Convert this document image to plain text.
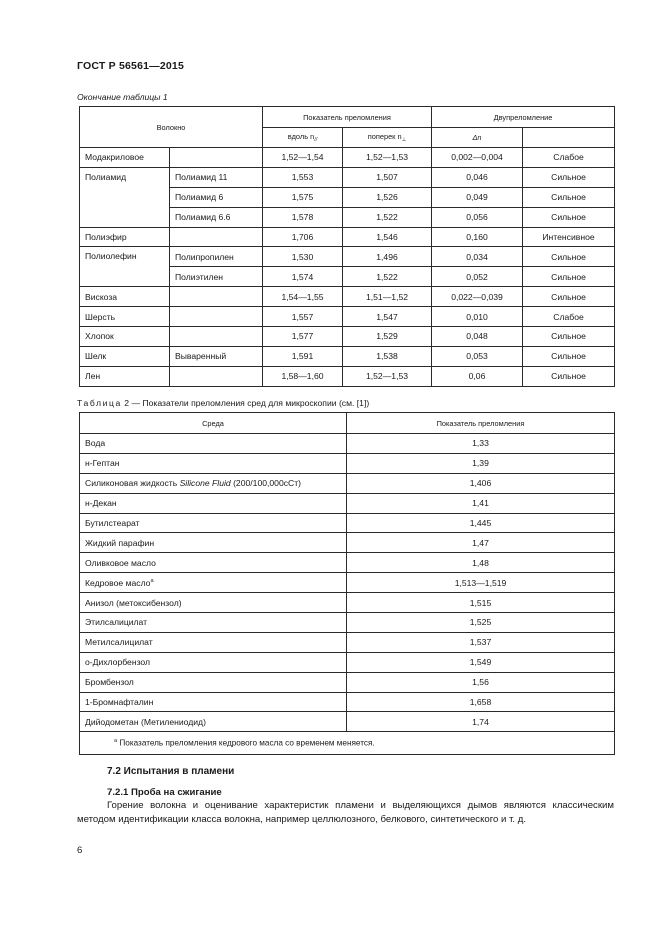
ГОСТ Р 56561—2015
Окончание таблицы 1
Волокно		Показатель преломления		Двупреломление	
		вдоль $n_{//}$	поперек $n_\perp$	Δn	
Модакриловое		1,52—1,54	1,52—1,53	0,002—0,004	Слабое
Полиамид	Полиамид 11	1,553	1,507	0,046	Сильное
	Полиамид 6	1,575	1,526	0,049	Сильное
	Полиамид 6.6	1,578	1,522	0,056	Сильное
Полиэфир		1,706	1,546	0,160	Интенсивное
Полиолефин	Полипропилен	1,530	1,496	0,034	Сильное
	Полиэтилен	1,574	1,522	0,052	Сильное
Вискоза		1,54—1,55	1,51—1,52	0,022—0,039	Сильное
Шерсть		1,557	1,547	0,010	Слабое
Хлопок		1,577	1,529	0,048	Сильное
Шелк	Вываренный	1,591	1,538	0,053	Сильное
Лен		1,58—1,60	1,52—1,53	0,06	Сильное
Таблица 2 — Показатели преломления сред для микроскопии (см. [1])
Среда	Показатель преломления
Вода	1,33
н-Гептан	1,39
Силиконовая жидкость Silicone Fluid (200/100,000сСт)	1,406
н-Декан	1,41
Бутилстеарат	1,445
Жидкий парафин	1,47
Оливковое масло	1,48
Кедровое масло$^a$	1,513—1,519
Анизол (метоксибензол)	1,515
Этилсалицилат	1,525
Метилсалицилат	1,537
о-Дихлорбензол	1,549
Бромбензол	1,56
1-Бромнафталин	1,658
Дийодометан (Метилениодид)	1,74
$^a$ Показатель преломления кедрового масла со временем меняется.	
7.2 Испытания в пламени
7.2.1 Проба на сжигание
Горение волокна и оценивание характеристик пламени и выделяющихся дымов являются классическим методом идентификации класса волокна, например целлюлозного, белкового, синтетического и т. д.
6
